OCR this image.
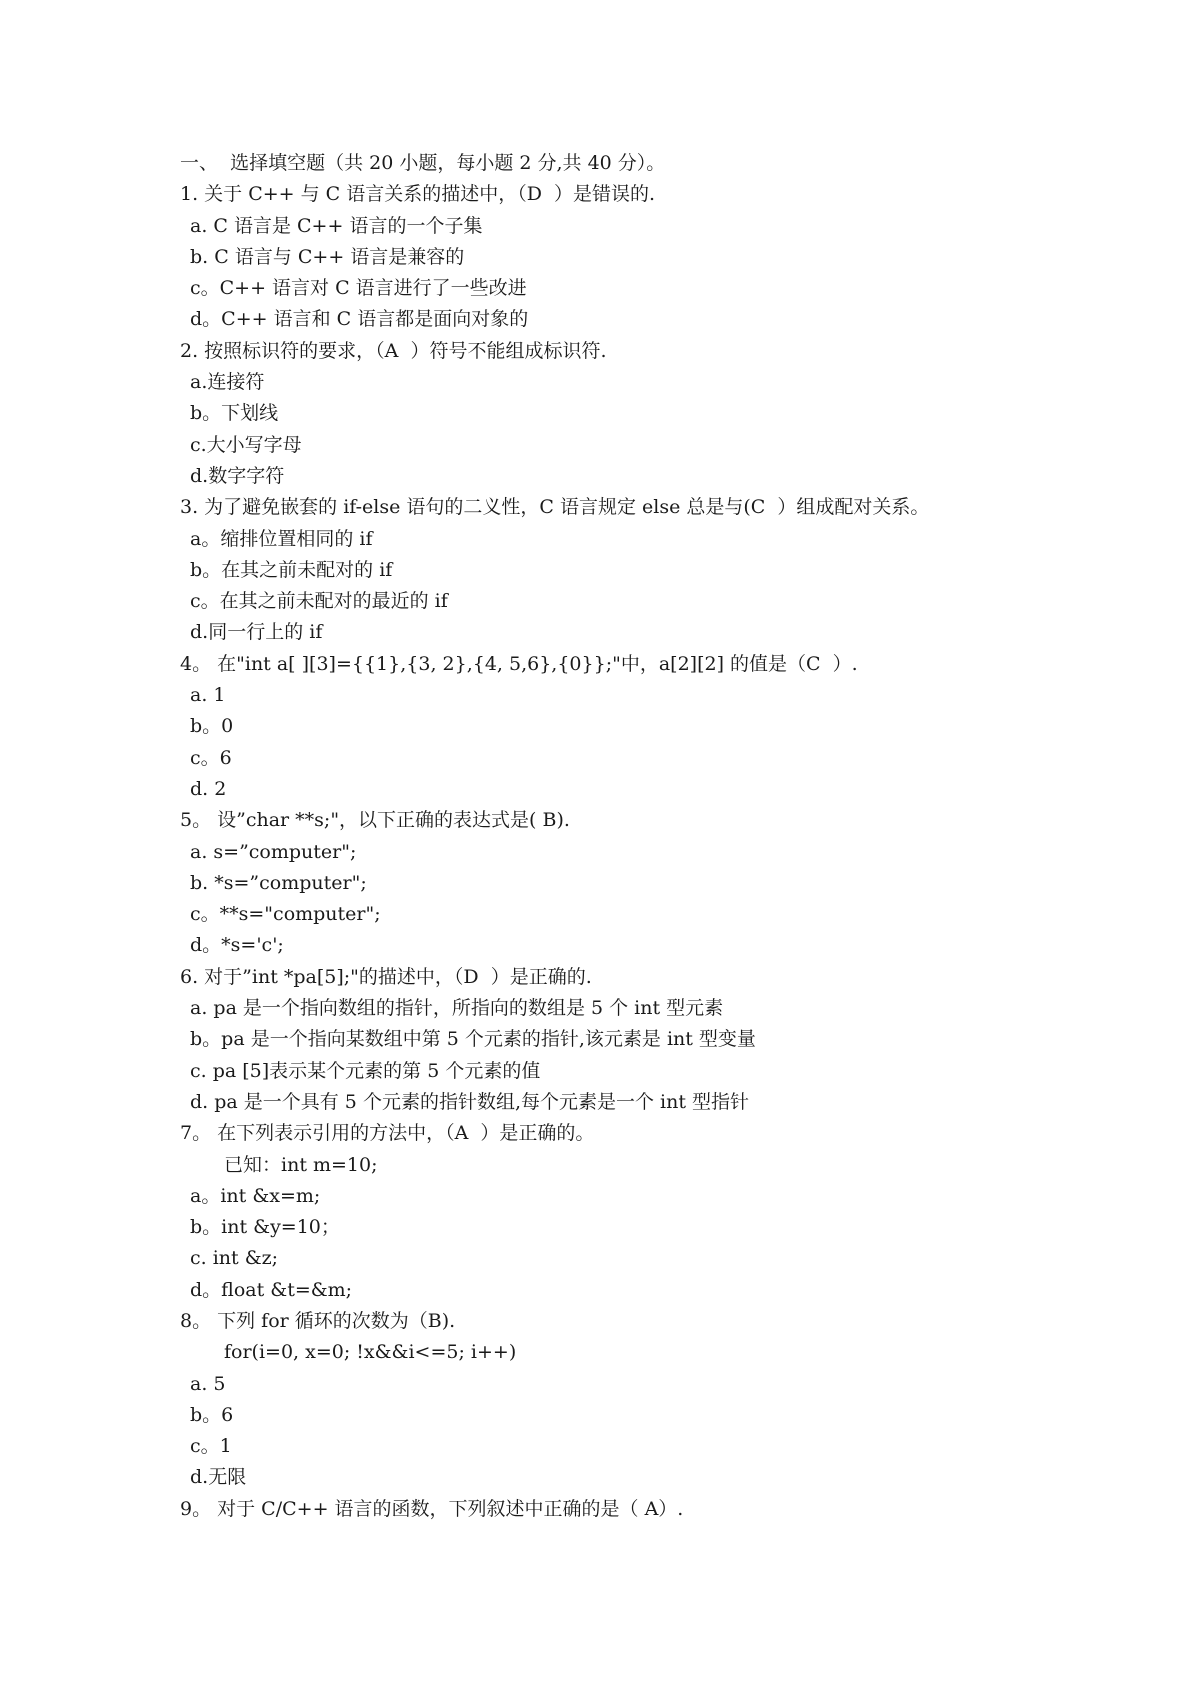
一、  选择填空题（共 20 小题，每小题 2 分,共 40 分）。
1. 关于 C++ 与 C 语言关系的描述中，（D  ）是错误的.
a. C 语言是 C++ 语言的一个子集
b. C 语言与 C++ 语言是兼容的
c。C++ 语言对 C 语言进行了一些改进
d。C++ 语言和 C 语言都是面向对象的
2. 按照标识符的要求，（A  ）符号不能组成标识符.
a.连接符
b。下划线
c.大小写字母
d.数字字符
3. 为了避免嵌套的 if-else 语句的二义性，C 语言规定 else 总是与(C  ）组成配对关系。
a。缩排位置相同的 if
b。在其之前未配对的 if
c。在其之前未配对的最近的 if
d.同一行上的 if
4。 在"int a[ ][3]={{1},{3, 2},{4, 5,6},{0}};"中，a[2][2] 的值是（C  ）.
a. 1
b。0
c。6
d. 2
5。 设”char **s;"，以下正确的表达式是( B).
a. s=”computer";
b. *s=”computer";
c。**s="computer";
d。*s='c';
6. 对于”int *pa[5];"的描述中，（D  ）是正确的.
a. pa 是一个指向数组的指针，所指向的数组是 5 个 int 型元素
b。pa 是一个指向某数组中第 5 个元素的指针,该元素是 int 型变量
c. pa [5]表示某个元素的第 5 个元素的值
d. pa 是一个具有 5 个元素的指针数组,每个元素是一个 int 型指针
7。 在下列表示引用的方法中，（A  ）是正确的。
已知：int m=10;
a。int &x=m;
b。int &y=10；
c. int &z;
d。float &t=&m;
8。 下列 for 循环的次数为（B).
for(i=0, x=0; !x&&i<=5; i++)
a. 5
b。6
c。1
d.无限
9。 对于 C/C++ 语言的函数，下列叙述中正确的是（ A）.
